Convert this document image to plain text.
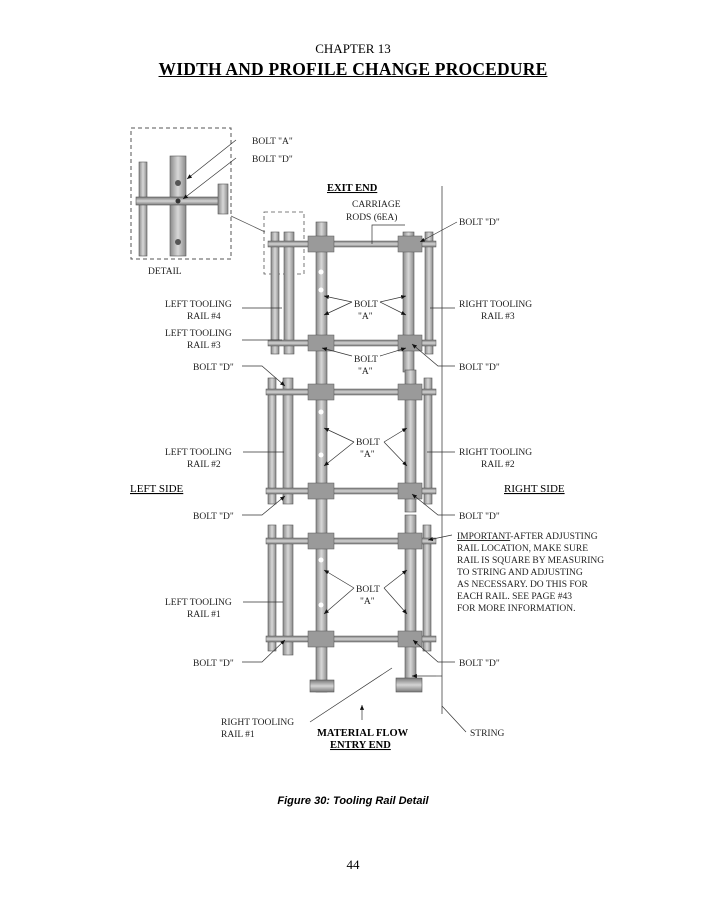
CHAPTER 13
WIDTH AND PROFILE CHANGE PROCEDURE
BOLT "A"
BOLT "D"
DETAIL
EXIT END
CARRIAGE
RODS (6EA)	BOLT "D"
LEFT TOOLING
RAIL #4
BOLT
"A"
RIGHT TOOLING
RAIL #3
LEFT TOOLING
RAIL #3
BOLT
"A"
BOLT "D"	BOLT "D"
LEFT TOOLING
RAIL #2
BOLT
"A"	RIGHT TOOLING
RAIL #2
LEFT SIDE	RIGHT SIDE
BOLT "D"	BOLT "D"
IMPORTANT-AFTER ADJUSTING
RAIL LOCATION, MAKE SURE
RAIL IS SQUARE BY MEASURING
TO STRING AND ADJUSTING
AS NECESSARY. DO THIS FOR
EACH RAIL. SEE PAGE #43
FOR MORE INFORMATION.
LEFT TOOLING
RAIL #1
BOLT
"A"
BOLT "D"	BOLT "D"
RIGHT TOOLING
RAIL #1	MATERIAL FLOW
ENTRY END
STRING
Figure 30: Tooling Rail Detail
44
